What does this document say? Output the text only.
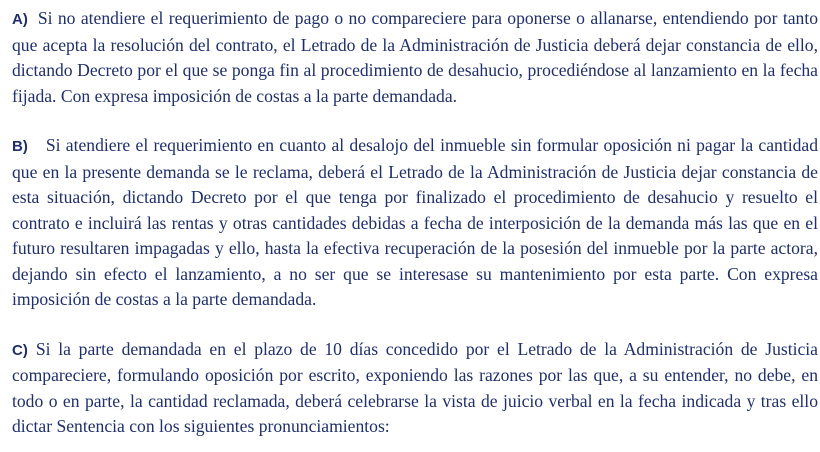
A) Si no atendiere el requerimiento de pago o no compareciere para oponerse o allanarse, entendiendo por tanto que acepta la resolución del contrato, el Letrado de la Administración de Justicia deberá dejar constancia de ello, dictando Decreto por el que se ponga fin al procedimiento de desahucio, procediéndose al lanzamiento en la fecha fijada. Con expresa imposición de costas a la parte demandada.

B) Si atendiere el requerimiento en cuanto al desalojo del inmueble sin formular oposición ni pagar la cantidad que en la presente demanda se le reclama, deberá el Letrado de la Administración de Justicia dejar constancia de esta situación, dictando Decreto por el que tenga por finalizado el procedimiento de desahucio y resuelto el contrato e incluirá las rentas y otras cantidades debidas a fecha de interposición de la demanda más las que en el futuro resultaren impagadas y ello, hasta la efectiva recuperación de la posesión del inmueble por la parte actora, dejando sin efecto el lanzamiento, a no ser que se interesase su mantenimiento por esta parte. Con expresa imposición de costas a la parte demandada.

C) Si la parte demandada en el plazo de 10 días concedido por el Letrado de la Administración de Justicia compareciere, formulando oposición por escrito, exponiendo las razones por las que, a su entender, no debe, en todo o en parte, la cantidad reclamada, deberá celebrarse la vista de juicio verbal en la fecha indicada y tras ello dictar Sentencia con los siguientes pronunciamientos:
